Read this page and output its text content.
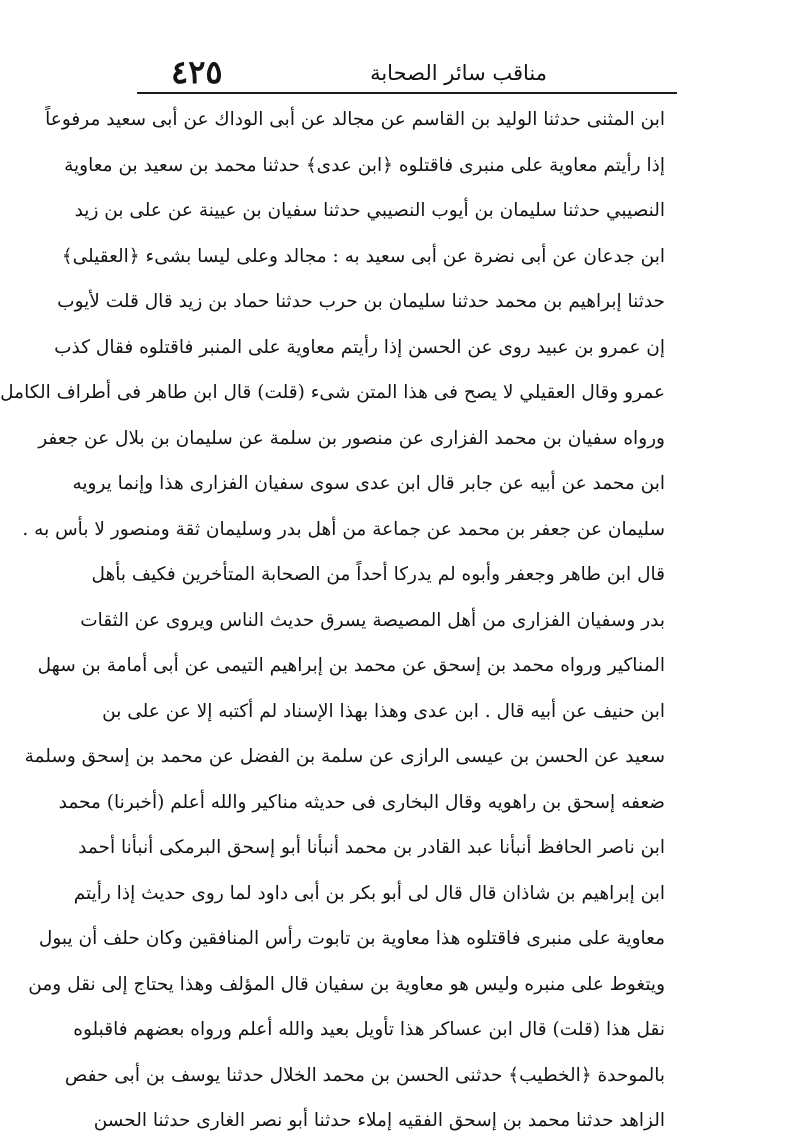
مناقب سائر الصحابة
٤٢٥
ابن المثنى حدثنا الوليد بن القاسم عن مجالد عن أبى الوداك عن أبى سعيد مرفوعاً
إذا رأيتم معاوية على منبرى فاقتلوه ﴿ابن عدى﴾ حدثنا محمد بن سعيد بن معاوية
النصيبي حدثنا سليمان بن أيوب النصيبي حدثنا سفيان بن عيينة عن على بن زيد
ابن جدعان عن أبى نضرة عن أبى سعيد به : مجالد وعلى ليسا بشىء ﴿العقيلى﴾
حدثنا إبراهيم بن محمد حدثنا سليمان بن حرب حدثنا حماد بن زيد قال قلت لأيوب
إن عمرو بن عبيد روى عن الحسن إذا رأيتم معاوية على المنبر فاقتلوه فقال كذب
عمرو وقال العقيلي لا يصح فى هذا المتن شىء (قلت) قال ابن طاهر فى أطراف الكامل
ورواه سفيان بن محمد الفزارى عن منصور بن سلمة عن سليمان بن بلال عن جعفر
ابن محمد عن أبيه عن جابر قال ابن عدى سوى سفيان الفزارى هذا وإنما يرويه
سليمان عن جعفر بن محمد عن جماعة من أهل بدر وسليمان ثقة ومنصور لا بأس به .
قال ابن طاهر وجعفر وأبوه لم يدركا أحداً من الصحابة المتأخرين فكيف بأهل
بدر وسفيان الفزارى من أهل المصيصة يسرق حديث الناس ويروى عن الثقات
المناكير ورواه محمد بن إسحق عن محمد بن إبراهيم التيمى عن أبى أمامة بن سهل
ابن حنيف عن أبيه قال . ابن عدى وهذا بهذا الإسناد لم أكتبه إلا عن على بن
سعيد عن الحسن بن عيسى الرازى عن سلمة بن الفضل عن محمد بن إسحق وسلمة
ضعفه إسحق بن راهويه وقال البخارى فى حديثه مناكير والله أعلم (أخبرنا) محمد
ابن ناصر الحافظ أنبأنا عبد القادر بن محمد أنبأنا أبو إسحق البرمكى أنبأنا أحمد
ابن إبراهيم بن شاذان قال قال لى أبو بكر بن أبى داود لما روى حديث إذا رأيتم
معاوية على منبرى فاقتلوه هذا معاوية بن تابوت رأس المنافقين وكان حلف أن يبول
ويتغوط على منبره وليس هو معاوية بن سفيان قال المؤلف وهذا يحتاج إلى نقل ومن
نقل هذا (قلت) قال ابن عساكر هذا تأويل بعيد والله أعلم ورواه بعضهم فاقبلوه
بالموحدة ﴿الخطيب﴾ حدثنى الحسن بن محمد الخلال حدثنا يوسف بن أبى حفص
الزاهد حدثنا محمد بن إسحق الفقيه إملاء حدثنا أبو نصر الغارى حدثنا الحسن
